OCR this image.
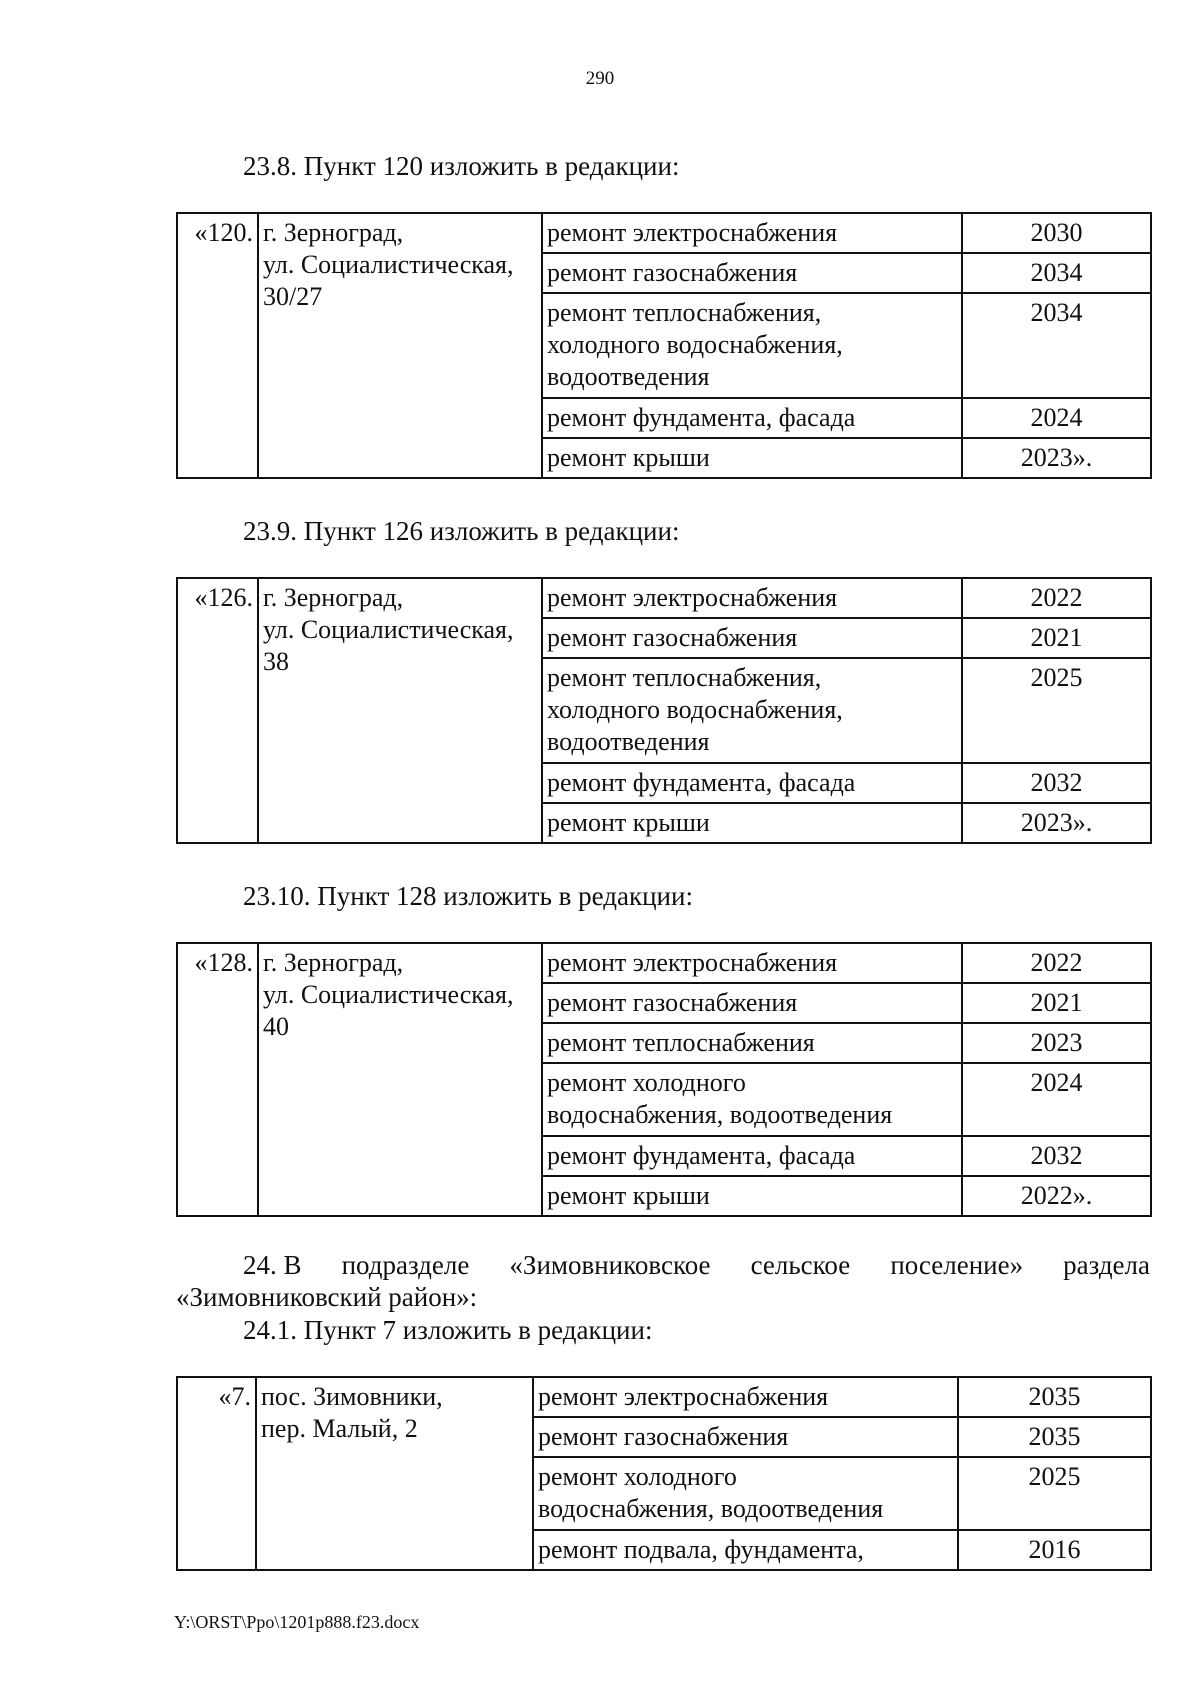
290
23.8. Пункт 120 изложить в редакции:
«120.	г. Зерноград,
ул. Социалистическая,
30/27	ремонт электроснабжения	2030
		ремонт газоснабжения	2034

		ремонт теплоснабжения,
холодного водоснабжения,
водоотведения	2034
		ремонт фундамента, фасада	2024
		ремонт крыши	2023».
23.9. Пункт 126 изложить в редакции:
«126.	г. Зерноград,
ул. Социалистическая,
38	ремонт электроснабжения	2022
		ремонт газоснабжения	2021

		ремонт теплоснабжения,
холодного водоснабжения,
водоотведения	2025
		ремонт фундамента, фасада	2032
		ремонт крыши	2023».
23.10. Пункт 128 изложить в редакции:
«128.	г. Зерноград,
ул. Социалистическая,
40	ремонт электроснабжения	2022
		ремонт газоснабжения	2021
		ремонт теплоснабжения	2023

		ремонт холодного
водоснабжения, водоотведения	2024
		ремонт фундамента, фасада	2032
		ремонт крыши	2022».
24. В подразделе «Зимовниковское сельское поселение» раздела
«Зимовниковский район»:
24.1. Пункт 7 изложить в редакции:
«7.	пос. Зимовники,
пер. Малый, 2	ремонт электроснабжения	2035
		ремонт газоснабжения	2035

		ремонт холодного
водоснабжения, водоотведения	2025
		ремонт подвала, фундамента,	2016
Y:\ORST\Ppo\1201p888.f23.docx
